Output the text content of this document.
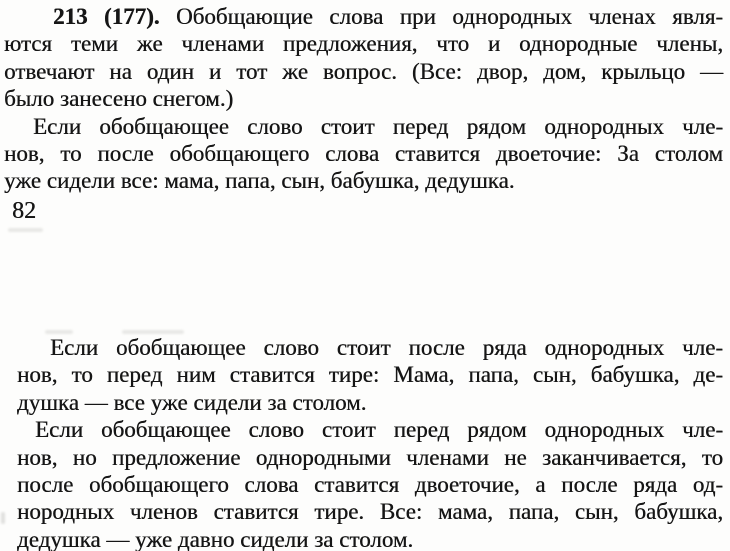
213 (177). Обобщающие слова при однородных членах явля-
ются теми же членами предложения, что и однородные члены,
отвечают на один и тот же вопрос. (Все: двор, дом, крыльцо —
было занесено снегом.)

Если обобщающее слово стоит перед рядом однородных чле-
нов, то после обобщающего слова ставится двоеточие: За столом
уже сидели все: мама, папа, сын, бабушка, дедушка.

82

Если обобщающее слово стоит после ряда однородных чле-
нов, то перед ним ставится тире: Мама, папа, сын, бабушка, де-
душка — все уже сидели за столом.

Если обобщающее слово стоит перед рядом однородных чле-
нов, но предложение однородными членами не заканчивается, то
после обобщающего слова ставится двоеточие, а после ряда од-
нородных членов ставится тире. Все: мама, папа, сын, бабушка,
дедушка — уже давно сидели за столом.
